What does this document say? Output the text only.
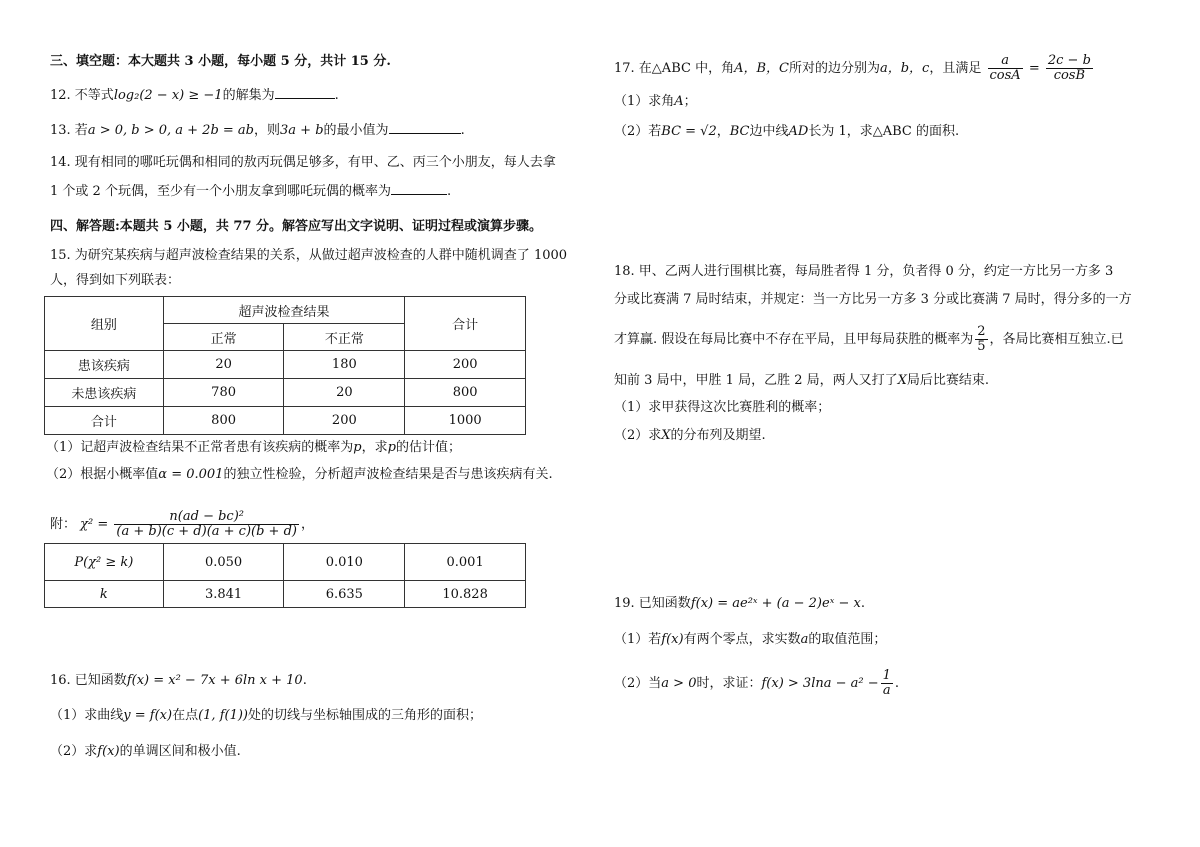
三、填空题：本大题共 3 小题，每小题 5 分，共计 15 分.
12. 不等式log₂(2 − x) ≥ −1的解集为	.
13. 若a > 0, b > 0, a + 2b = ab，则3a + b的最小值为	.
14. 现有相同的哪吒玩偶和相同的敖丙玩偶足够多，有甲、乙、丙三个小朋友，每人去拿
1 个或 2 个玩偶，至少有一个小朋友拿到哪吒玩偶的概率为	.
四、解答题:本题共 5 小题，共 77 分。解答应写出文字说明、证明过程或演算步骤。
15. 为研究某疾病与超声波检查结果的关系，从做过超声波检查的人群中随机调查了 1000
人，得到如下列联表：
组别	超声波检查结果		合计
	正常	不正常	
患该疾病	20	180	200
未患该疾病	780	20	800
合计	800	200	1000
（1）记超声波检查结果不正常者患有该疾病的概率为p，求p的估计值；
（2）根据小概率值α = 0.001的独立性检验，分析超声波检查结果是否与患该疾病有关.
附： $\chi^2 = \frac{\text{n(ad − bc)²}}{(a + b)(c + d)(a + c)(b + d)}$ ，
P(χ² ≥ k)	0.050	0.010	0.001
k	3.841	6.635	10.828
16. 已知函数f(x) = x² − 7x + 6ln x + 10.
（1）求曲线y = f(x)在点(1, f(1))处的切线与坐标轴围成的三角形的面积；
（2）求f(x)的单调区间和极小值.
17. 在△ABC 中，角A，B，C所对的边分别为a，b，c，且满足 $\frac{a}{\cos A} = \frac{2c - b}{\cos B}$
（1）求角A；
（2）若BC = √2，BC边中线AD长为 1，求△ABC 的面积.
18. 甲、乙两人进行围棋比赛，每局胜者得 1 分，负者得 0 分，约定一方比另一方多 3
分或比赛满 7 局时结束，并规定：当一方比另一方多 3 分或比赛满 7 局时，得分多的一方
才算赢. 假设在每局比赛中不存在平局，且甲每局获胜的概率为 $\frac{2}{5}$ ，各局比赛相互独立.已
知前 3 局中，甲胜 1 局，乙胜 2 局，两人又打了X局后比赛结束.
（1）求甲获得这次比赛胜利的概率；
（2）求X的分布列及期望.
19. 已知函数f(x) = ae²ˣ + (a − 2)eˣ − x.
（1）若f(x)有两个零点，求实数a的取值范围；
（2）当a > 0时，求证：$f(x) > 3\ln a - a^2 - \frac{1}{a}$ .
